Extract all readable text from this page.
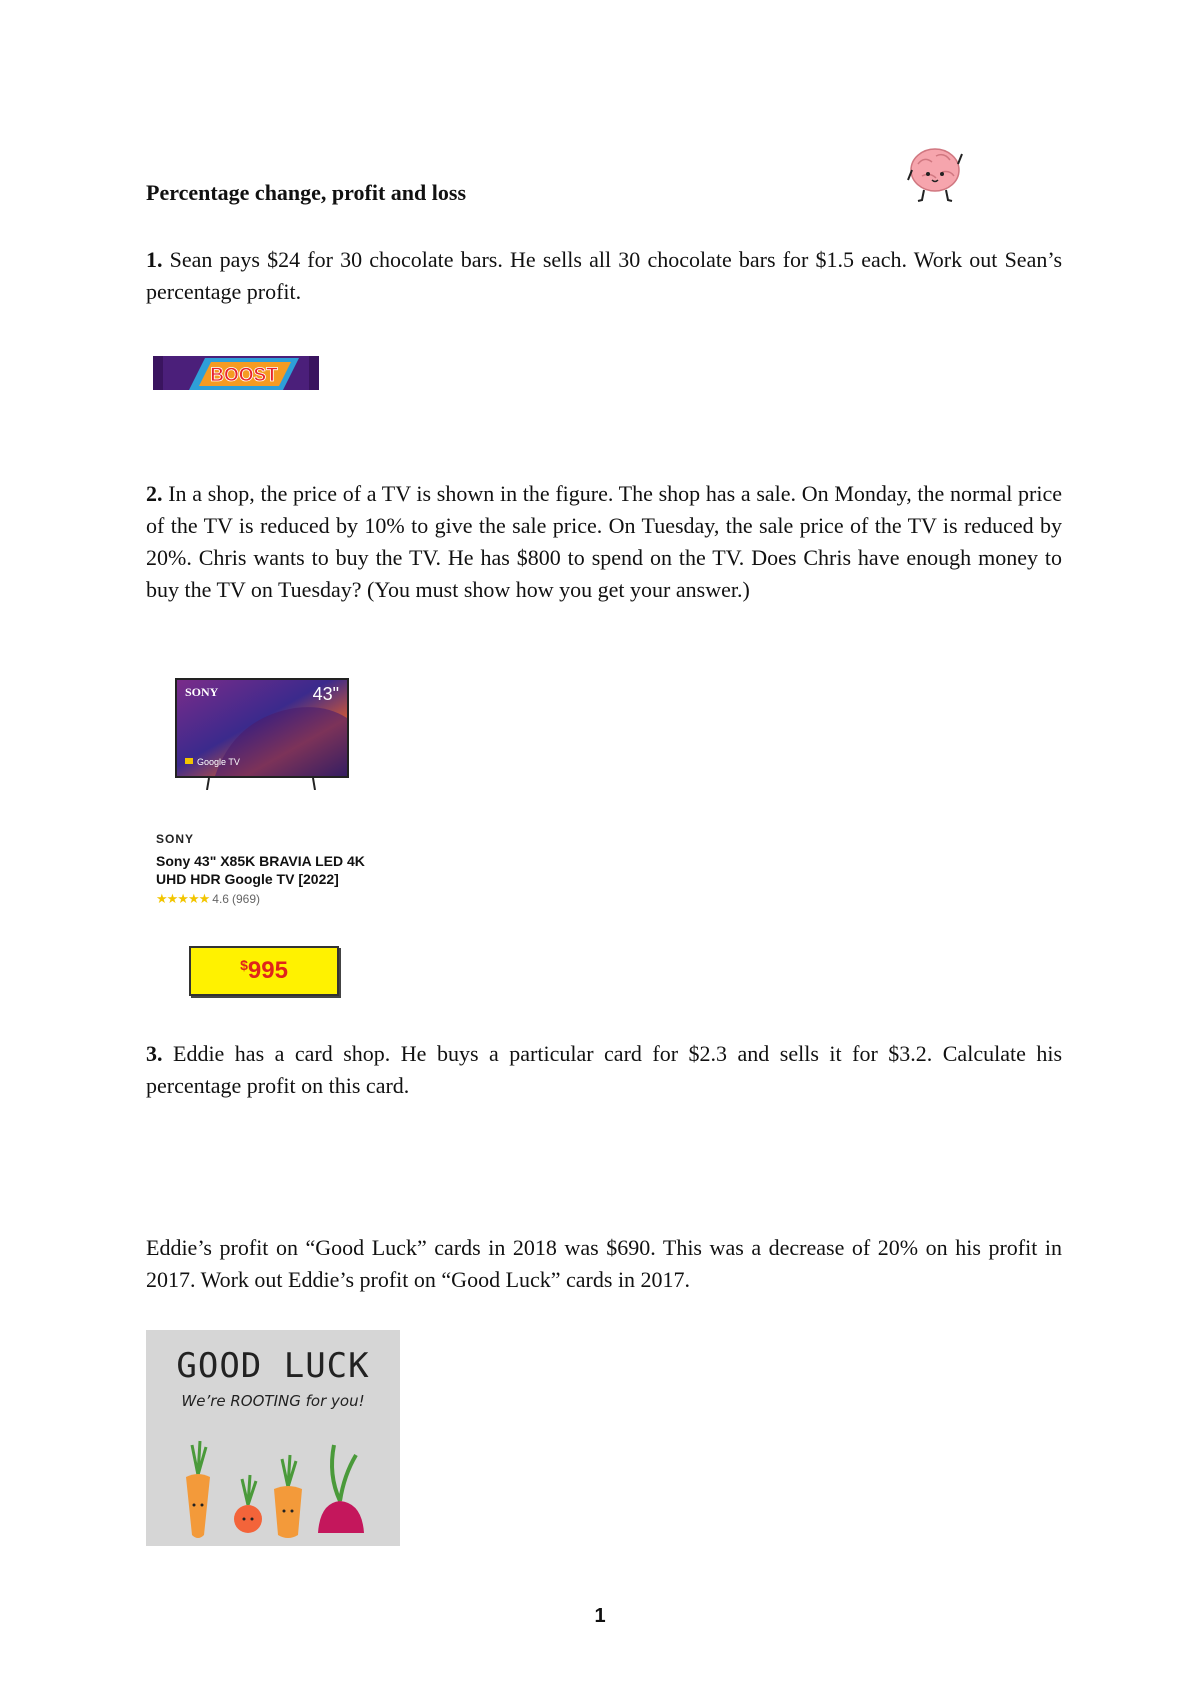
Percentage change, profit and loss

1. Sean pays $24 for 30 chocolate bars. He sells all 30 chocolate bars for $1.5 each. Work out Sean’s percentage profit.

BOOST

2. In a shop, the price of a TV is shown in the figure. The shop has a sale. On Monday, the normal price of the TV is reduced by 10% to give the sale price. On Tuesday, the sale price of the TV is reduced by 20%. Chris wants to buy the TV. He has $800 to spend on the TV. Does Chris have enough money to buy the TV on Tuesday? (You must show how you get your answer.)

SONY	43"
Google TV
SONY
Sony 43" X85K BRAVIA LED 4K UHD HDR Google TV [2022]
★★★★★ 4.6 (969)
$ 995

3. Eddie has a card shop. He buys a particular card for $2.3 and sells it for $3.2. Calculate his percentage profit on this card.

Eddie’s profit on “Good Luck” cards in 2018 was $690. This was a decrease of 20% on his profit in 2017. Work out Eddie’s profit on “Good Luck” cards in 2017.

GOOD LUCK
We’re ROOTING for you!
1
